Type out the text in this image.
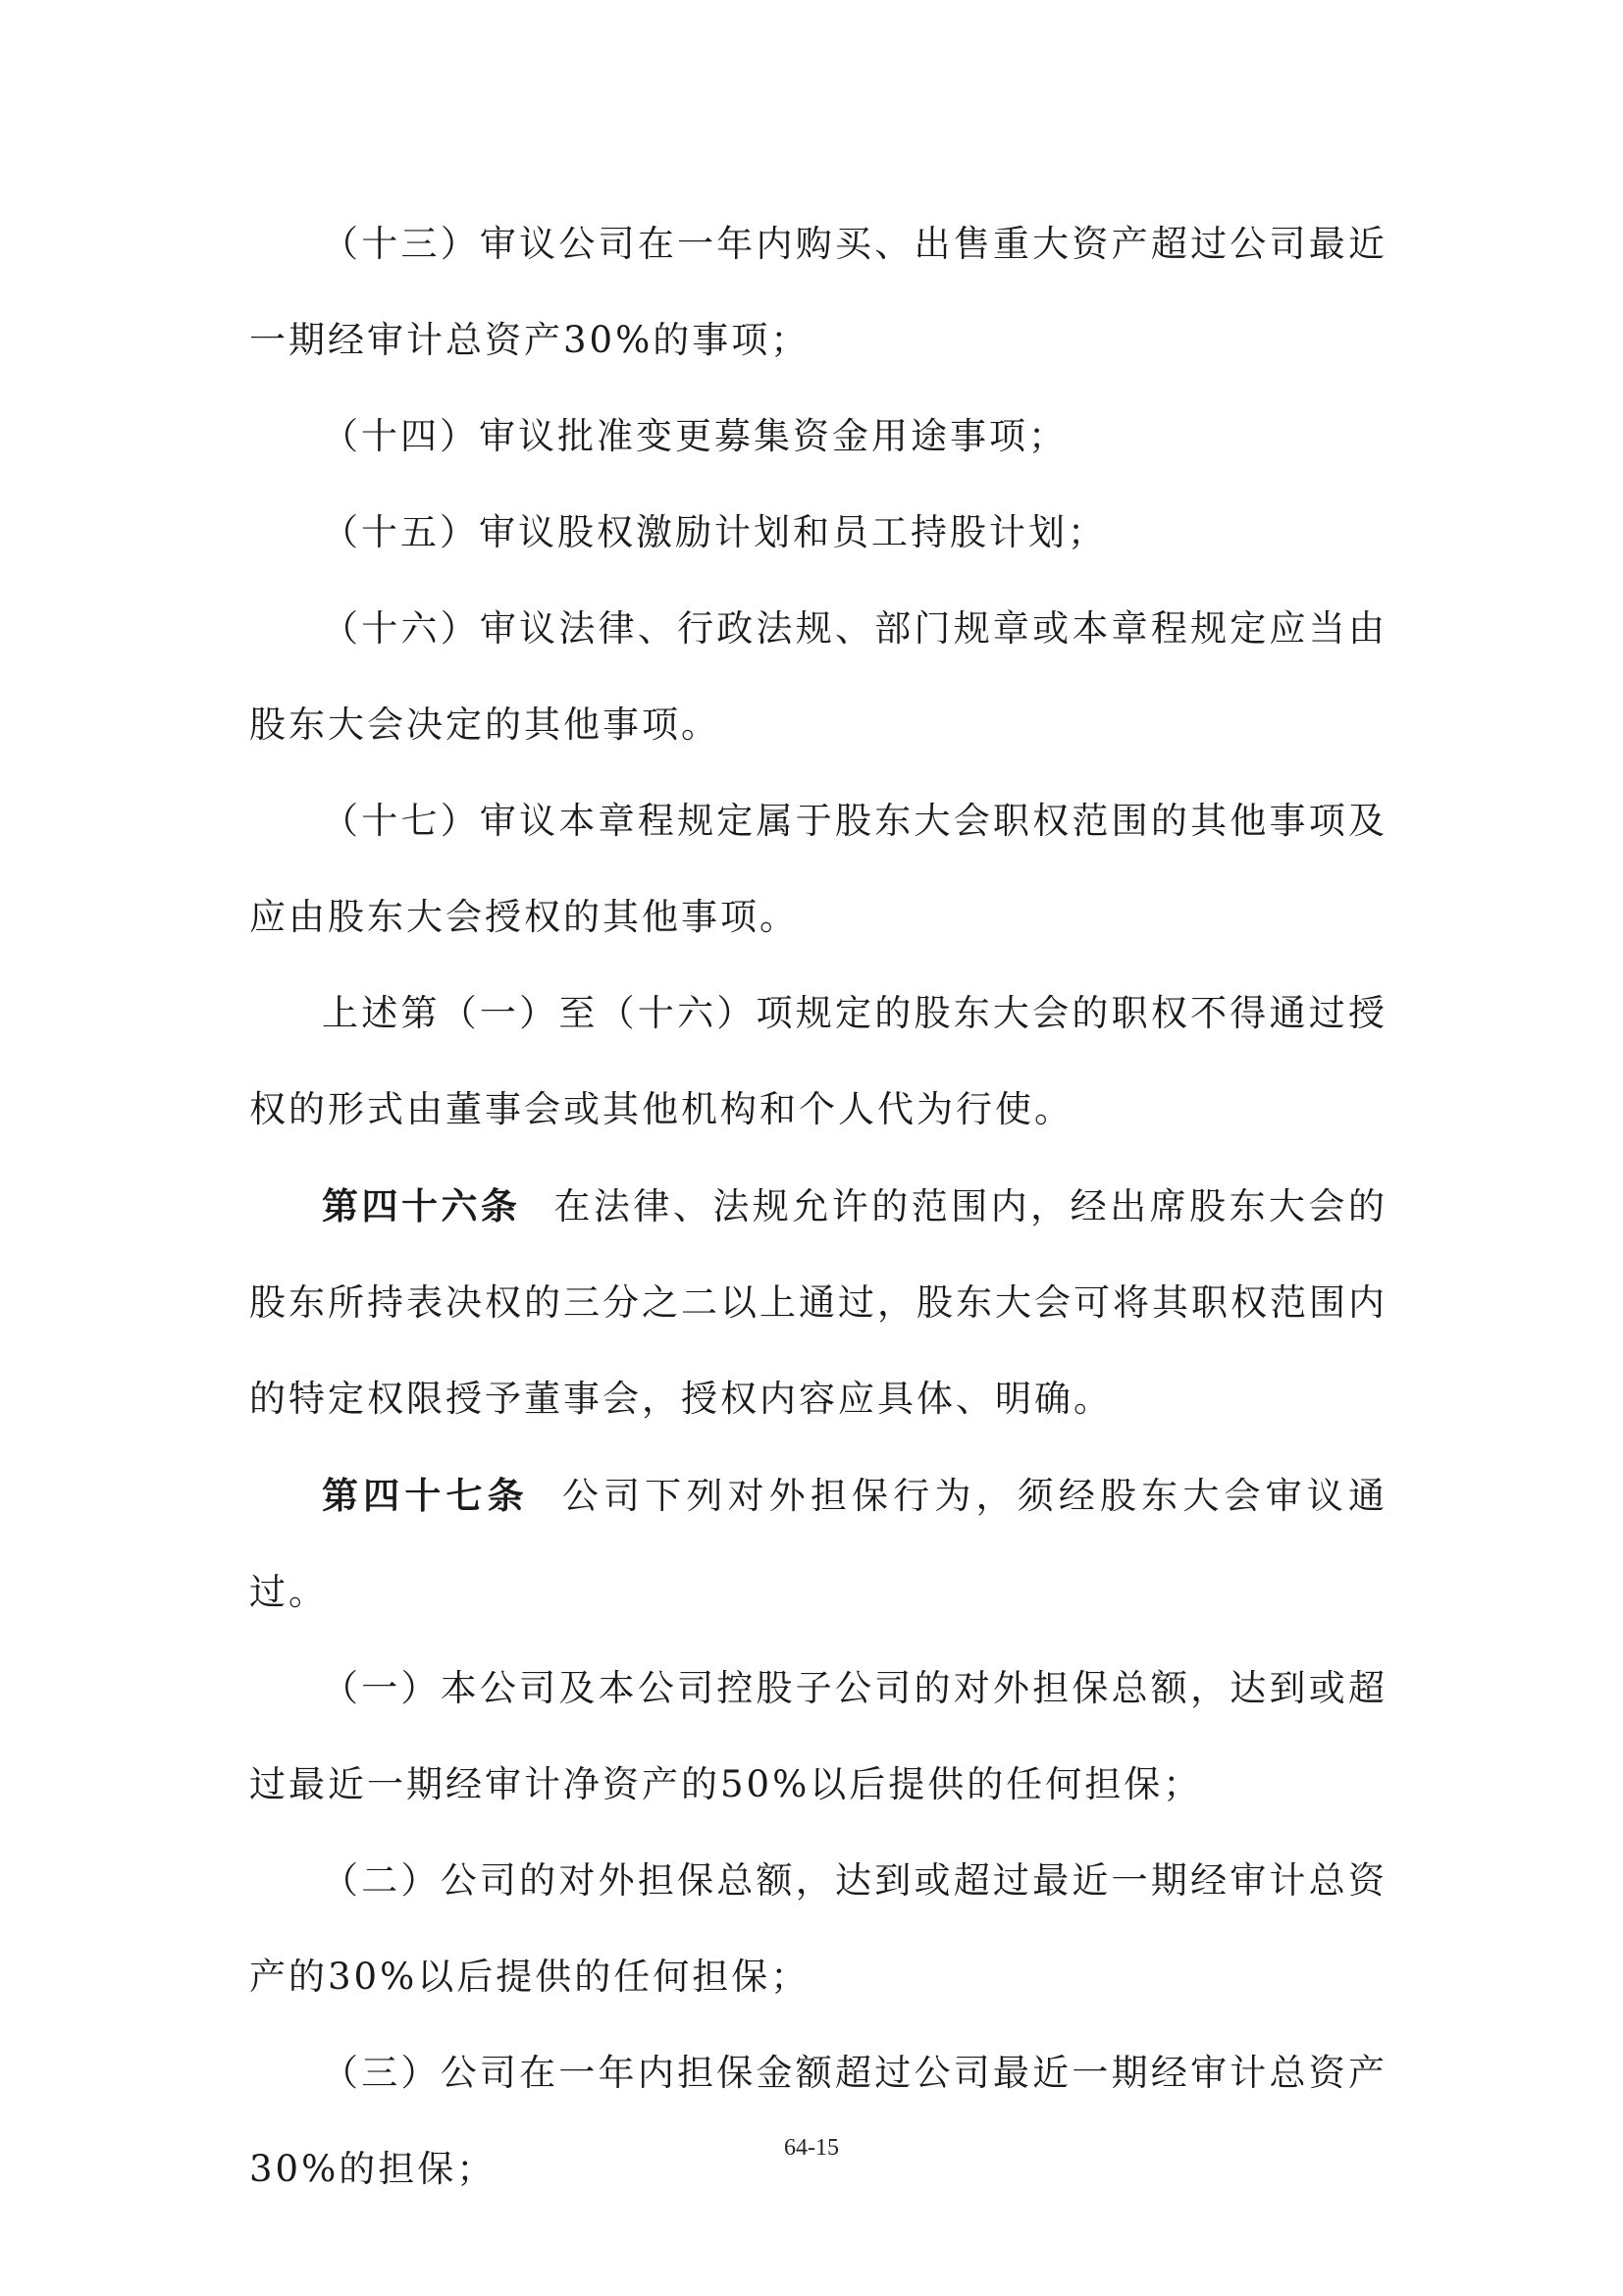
（十三）审议公司在一年内购买、出售重大资产超过公司最近一期经审计总资产30%的事项；

（十四）审议批准变更募集资金用途事项；

（十五）审议股权激励计划和员工持股计划；

（十六）审议法律、行政法规、部门规章或本章程规定应当由股东大会决定的其他事项。

（十七）审议本章程规定属于股东大会职权范围的其他事项及应由股东大会授权的其他事项。

上述第（一）至（十六）项规定的股东大会的职权不得通过授权的形式由董事会或其他机构和个人代为行使。

第四十六条 在法律、法规允许的范围内，经出席股东大会的股东所持表决权的三分之二以上通过，股东大会可将其职权范围内的特定权限授予董事会，授权内容应具体、明确。

第四十七条 公司下列对外担保行为，须经股东大会审议通过。

（一）本公司及本公司控股子公司的对外担保总额，达到或超过最近一期经审计净资产的50%以后提供的任何担保；

（二）公司的对外担保总额，达到或超过最近一期经审计总资产的30%以后提供的任何担保；

（三）公司在一年内担保金额超过公司最近一期经审计总资产30%的担保；	64-15
